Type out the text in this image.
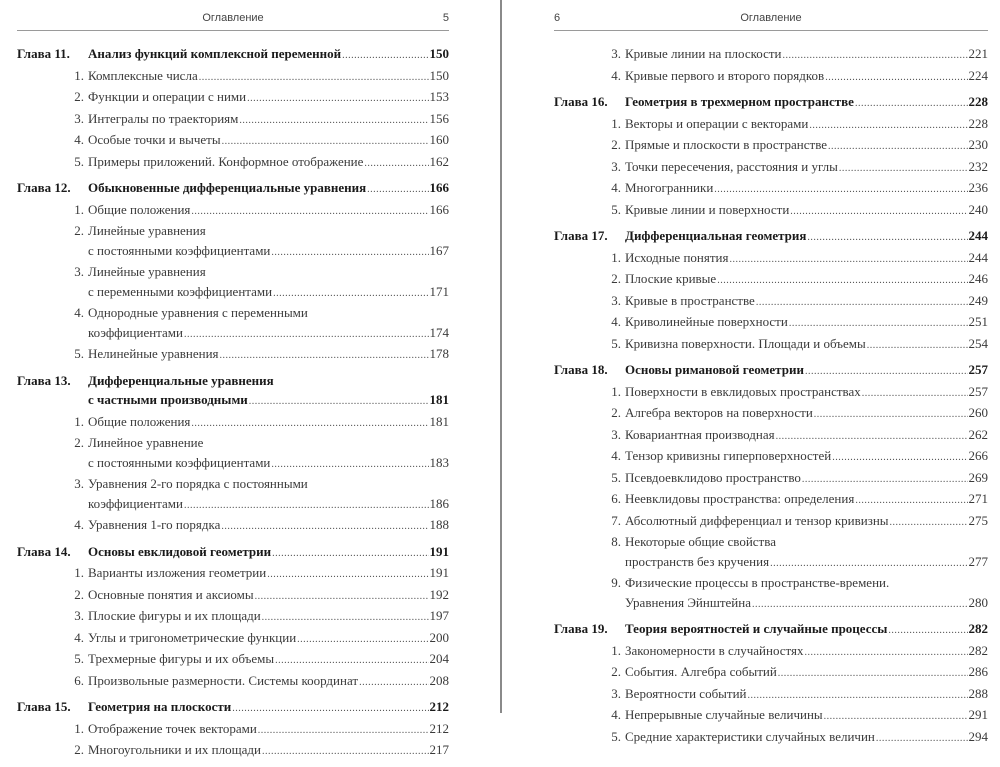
Оглавление	5
Глава 11.	Анализ функций комплексной переменной .....	150
1. Комплексные числа .....	150
2. Функции и операции с ними .....	153
3. Интегралы по траекториям .....	156
4. Особые точки и вычеты .....	160
5. Примеры приложений. Конформное отображение .....	162
Глава 12.	Обыкновенные дифференциальные уравнения .....	166
1. Общие положения .....	166
2. Линейные уравнения
с постоянными коэффициентами .....	167
3. Линейные уравнения
с переменными коэффициентами .....	171
4. Однородные уравнения с переменными
коэффициентами .....	174
5. Нелинейные уравнения .....	178
Глава 13.	Дифференциальные уравнения
с частными производными .....	181
1. Общие положения .....	181
2. Линейное уравнение
с постоянными коэффициентами .....	183
3. Уравнения 2-го порядка с постоянными
коэффициентами .....	186
4. Уравнения 1-го порядка .....	188
Глава 14.	Основы евклидовой геометрии .....	191
1. Варианты изложения геометрии .....	191
2. Основные понятия и аксиомы .....	192
3. Плоские фигуры и их площади .....	197
4. Углы и тригонометрические функции .....	200
5. Трехмерные фигуры и их объемы .....	204
6. Произвольные размерности. Системы координат .....	208
Глава 15.	Геометрия на плоскости .....	212
1. Отображение точек векторами .....	212
2. Многоугольники и их площади .....	217
6	Оглавление
3. Кривые линии на плоскости .....	221
4. Кривые первого и второго порядков .....	224
Глава 16.	Геометрия в трехмерном пространстве .....	228
1. Векторы и операции с векторами .....	228
2. Прямые и плоскости в пространстве .....	230
3. Точки пересечения, расстояния и углы .....	232
4. Многогранники .....	236
5. Кривые линии и поверхности .....	240
Глава 17.	Дифференциальная геометрия .....	244
1. Исходные понятия .....	244
2. Плоские кривые .....	246
3. Кривые в пространстве .....	249
4. Криволинейные поверхности .....	251
5. Кривизна поверхности. Площади и объемы .....	254
Глава 18.	Основы римановой геометрии .....	257
1. Поверхности в евклидовых пространствах .....	257
2. Алгебра векторов на поверхности .....	260
3. Ковариантная производная .....	262
4. Тензор кривизны гиперповерхностей .....	266
5. Псевдоевклидово пространство .....	269
6. Неевклидовы пространства: определения .....	271
7. Абсолютный дифференциал и тензор кривизны .....	275
8. Некоторые общие свойства
пространств без кручения .....	277
9. Физические процессы в пространстве-времени.
Уравнения Эйнштейна .....	280
Глава 19.	Теория вероятностей и случайные процессы .....	282
1. Закономерности в случайностях .....	282
2. События. Алгебра событий .....	286
3. Вероятности событий .....	288
4. Непрерывные случайные величины .....	291
5. Средние характеристики случайных величин .....	294
